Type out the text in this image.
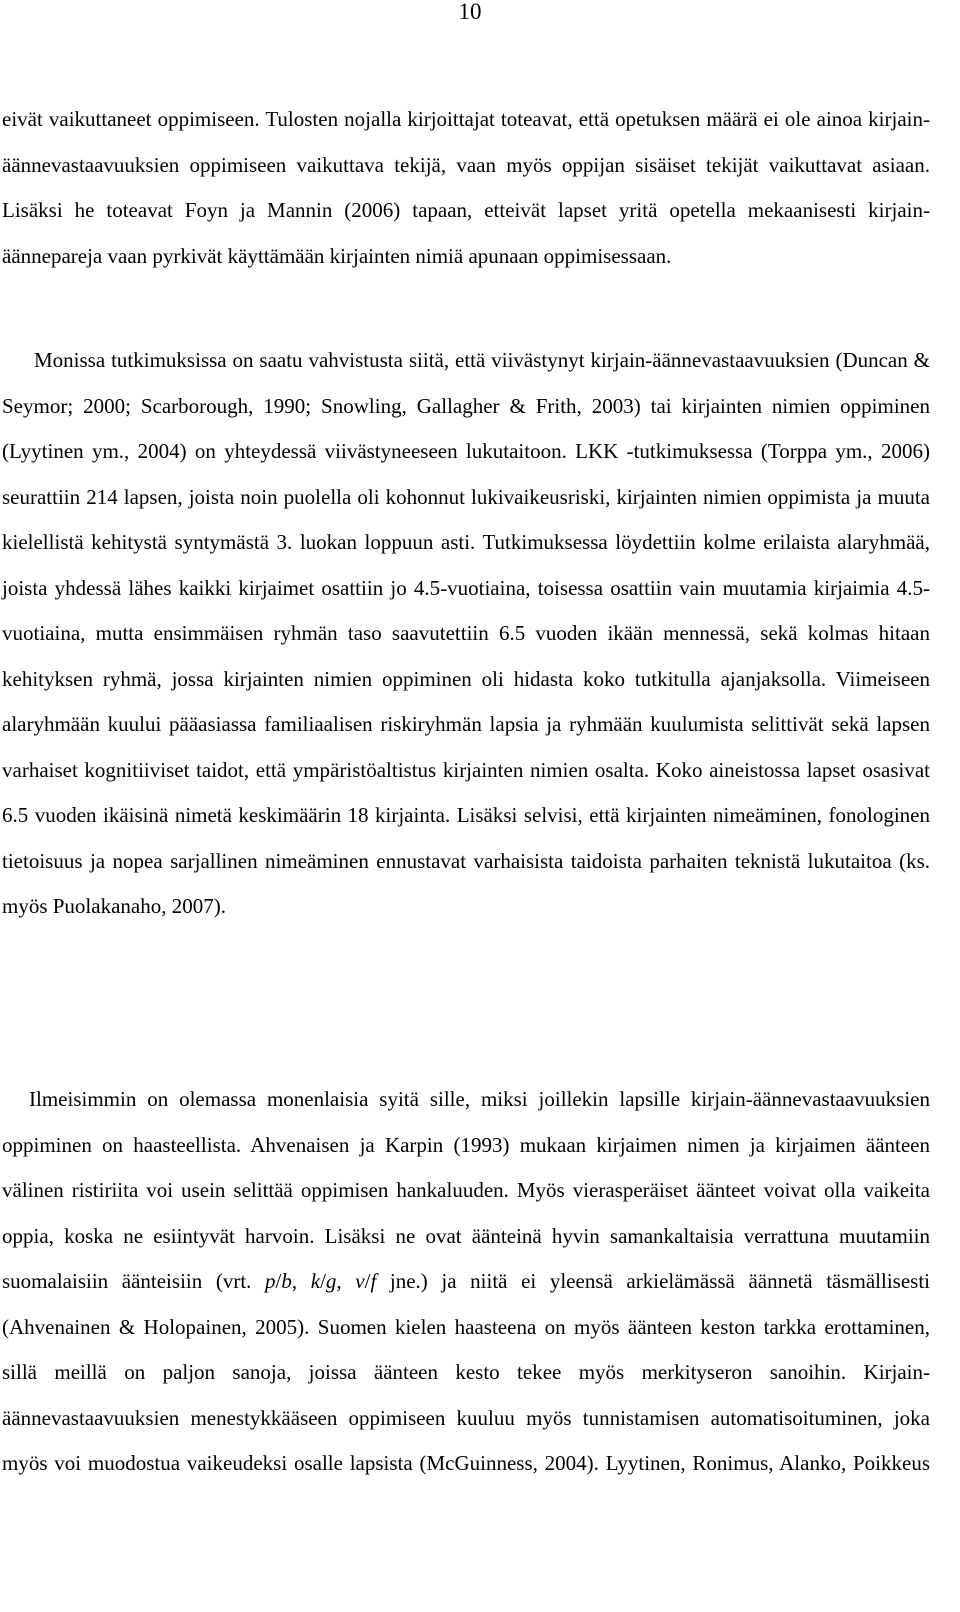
10

eivät vaikuttaneet oppimiseen. Tulosten nojalla kirjoittajat toteavat, että opetuksen määrä ei ole ainoa kirjain-äännevastaavuuksien oppimiseen vaikuttava tekijä, vaan myös oppijan sisäiset tekijät vaikuttavat asiaan. Lisäksi he toteavat Foyn ja Mannin (2006) tapaan, etteivät lapset yritä opetella mekaanisesti kirjain-äännepareja vaan pyrkivät käyttämään kirjainten nimiä apunaan oppimisessaan.

Monissa tutkimuksissa on saatu vahvistusta siitä, että viivästynyt kirjain-äännevastaavuuksien (Duncan & Seymor; 2000; Scarborough, 1990; Snowling, Gallagher & Frith, 2003) tai kirjainten nimien oppiminen (Lyytinen ym., 2004) on yhteydessä viivästyneeseen lukutaitoon. LKK -tutkimuksessa (Torppa ym., 2006) seurattiin 214 lapsen, joista noin puolella oli kohonnut lukivaikeusriski, kirjainten nimien oppimista ja muuta kielellistä kehitystä syntymästä 3. luokan loppuun asti. Tutkimuksessa löydettiin kolme erilaista alaryhmää, joista yhdessä lähes kaikki kirjaimet osattiin jo 4.5-vuotiaina, toisessa osattiin vain muutamia kirjaimia 4.5-vuotiaina, mutta ensimmäisen ryhmän taso saavutettiin 6.5 vuoden ikään mennessä, sekä kolmas hitaan kehityksen ryhmä, jossa kirjainten nimien oppiminen oli hidasta koko tutkitulla ajanjaksolla. Viimeiseen alaryhmään kuului pääasiassa familiaalisen riskiryhmän lapsia ja ryhmään kuulumista selittivät sekä lapsen varhaiset kognitiiviset taidot, että ympäristöaltistus kirjainten nimien osalta. Koko aineistossa lapset osasivat 6.5 vuoden ikäisinä nimetä keskimäärin 18 kirjainta. Lisäksi selvisi, että kirjainten nimeäminen, fonologinen tietoisuus ja nopea sarjallinen nimeäminen ennustavat varhaisista taidoista parhaiten teknistä lukutaitoa (ks. myös Puolakanaho, 2007).

Ilmeisimmin on olemassa monenlaisia syitä sille, miksi joillekin lapsille kirjain-äännevastaavuuksien oppiminen on haasteellista. Ahvenaisen ja Karpin (1993) mukaan kirjaimen nimen ja kirjaimen äänteen välinen ristiriita voi usein selittää oppimisen hankaluuden. Myös vierasperäiset äänteet voivat olla vaikeita oppia, koska ne esiintyvät harvoin. Lisäksi ne ovat äänteinä hyvin samankaltaisia verrattuna muutamiin suomalaisiin äänteisiin (vrt. p/b, k/g, v/f jne.) ja niitä ei yleensä arkielämässä äännetä täsmällisesti (Ahvenainen & Holopainen, 2005). Suomen kielen haasteena on myös äänteen keston tarkka erottaminen, sillä meillä on paljon sanoja, joissa äänteen kesto tekee myös merkityseron sanoihin. Kirjain-äännevastaavuuksien menestykkääseen oppimiseen kuuluu myös tunnistamisen automatisoituminen, joka myös voi muodostua vaikeudeksi osalle lapsista (McGuinness, 2004). Lyytinen, Ronimus, Alanko, Poikkeus
